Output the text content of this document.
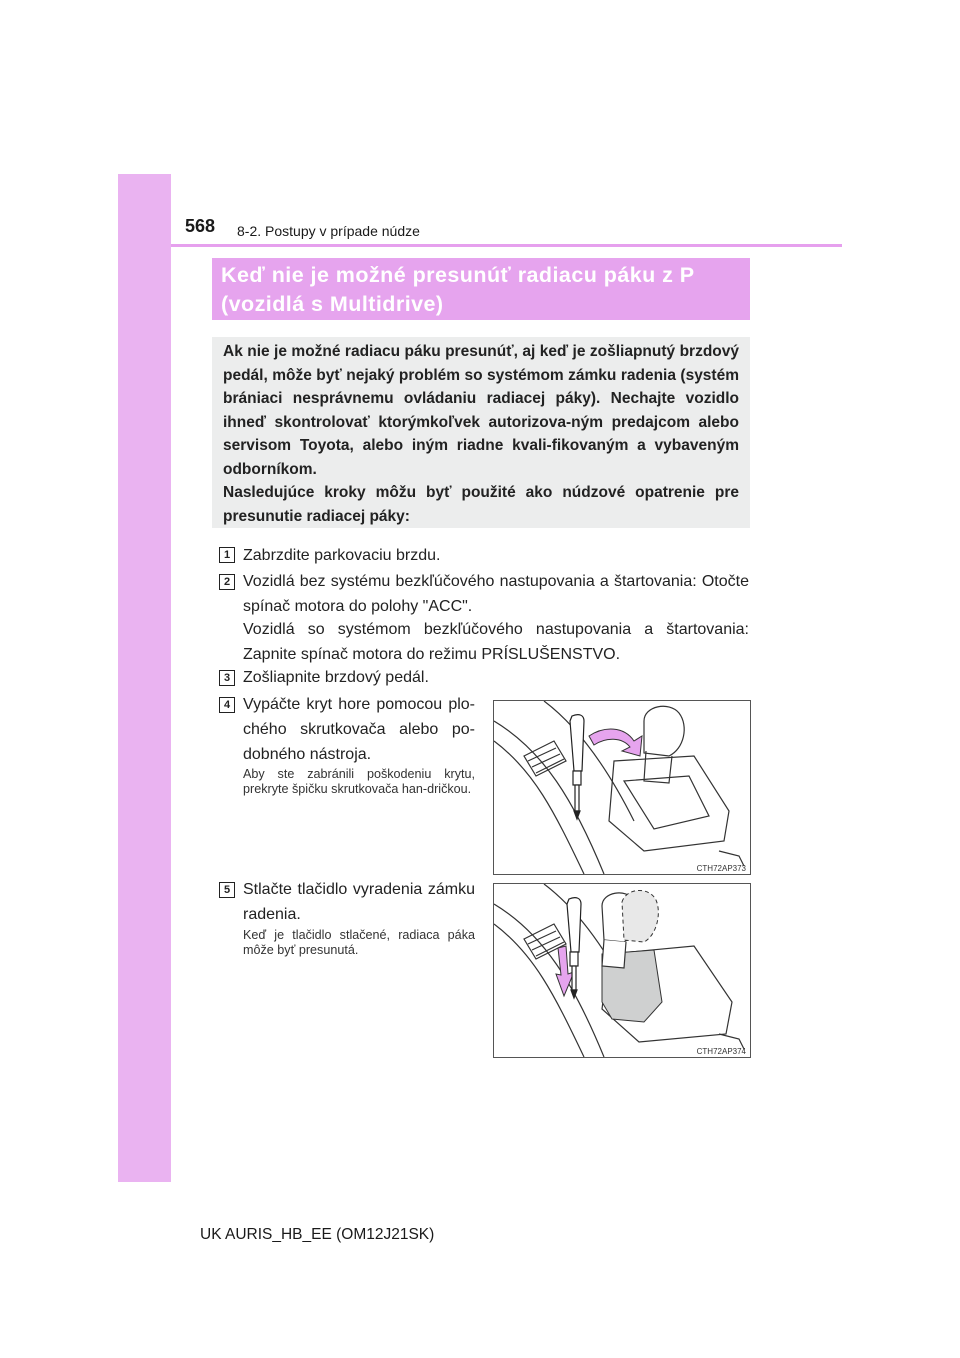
568 8-2. Postupy v prípade núdze
Keď nie je možné presunúť radiacu páku z P
(vozidlá s Multidrive)

Ak nie je možné radiacu páku presunúť, aj keď je zošliapnutý brzdový pedál, môže byť nejaký problém so systémom zámku radenia (systém brániaci nesprávnemu ovládaniu radiacej páky). Nechajte vozidlo ihneď skontrolovať ktorýmkoľvek autorizova-ným predajcom alebo servisom Toyota, alebo iným riadne kvali-fikovaným a vybaveným odborníkom.

Nasledujúce kroky môžu byť použité ako núdzové opatrenie pre presunutie radiacej páky:

1 Zabrzdite parkovaciu brzdu.
2 Vozidlá bez systému bezkľúčového nastupovania a štartovania: Otočte spínač motora do polohy "ACC".
Vozidlá so systémom bezkľúčového nastupovania a štartovania: Zapnite spínač motora do režimu PRÍSLUŠENSTVO.
3 Zošliapnite brzdový pedál.
4 Vypáčte kryt hore pomocou plo-chého skrutkovača alebo po-dobného nástroja.
Aby ste zabránili poškodeniu krytu, prekryte špičku skrutkovača han-dričkou.
CTH72AP373
5 Stlačte tlačidlo vyradenia zámku radenia.
Keď je tlačidlo stlačené, radiaca páka môže byť presunutá.
CTH72AP374
UK AURIS_HB_EE (OM12J21SK)
